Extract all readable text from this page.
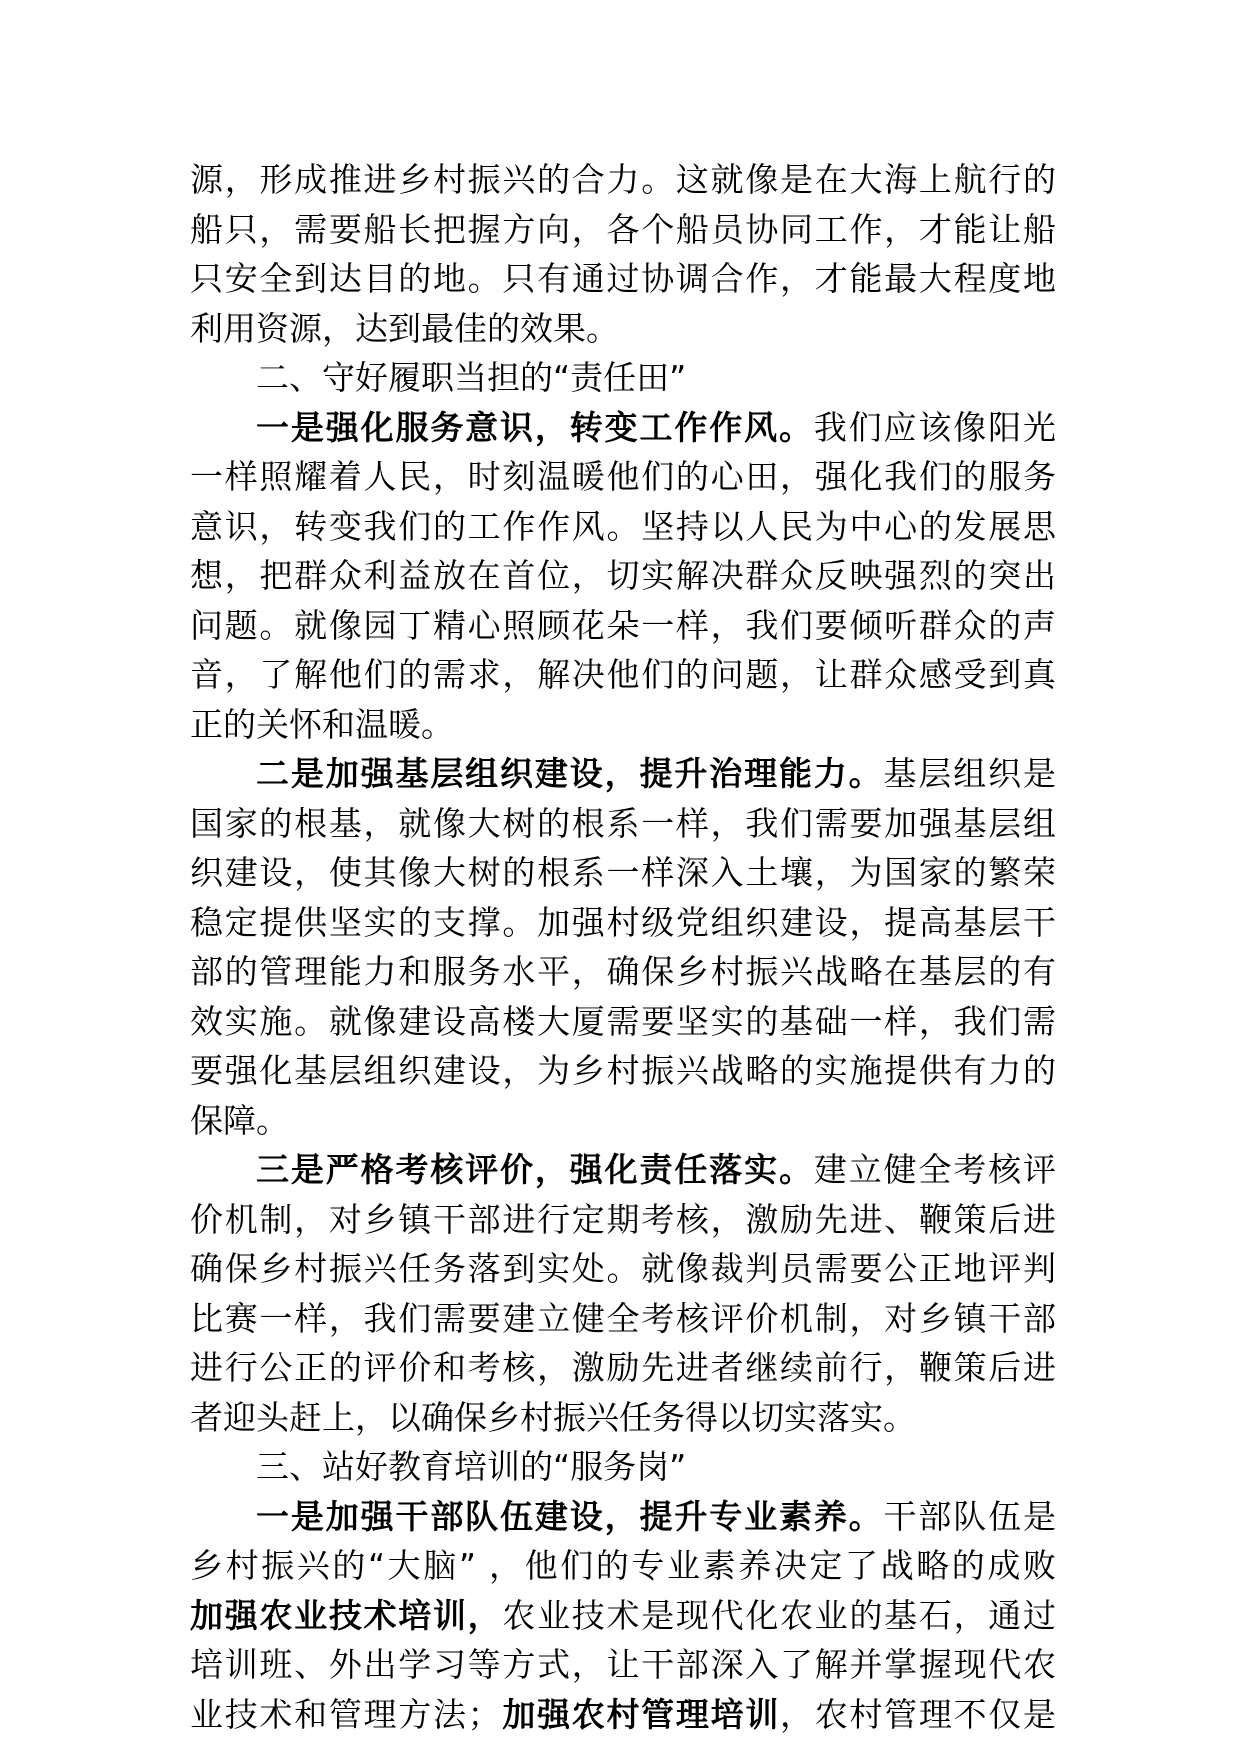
源，形成推进乡村振兴的合力。这就像是在大海上航行的
船只，需要船长把握方向，各个船员协同工作，才能让船
只安全到达目的地。只有通过协调合作，才能最大程度地
利用资源，达到最佳的效果。
二、守好履职当担的“责任田”
一是强化服务意识，转变工作作风。我们应该像阳光
一样照耀着人民，时刻温暖他们的心田，强化我们的服务
意识，转变我们的工作作风。坚持以人民为中心的发展思
想，把群众利益放在首位，切实解决群众反映强烈的突出
问题。就像园丁精心照顾花朵一样，我们要倾听群众的声
音，了解他们的需求，解决他们的问题，让群众感受到真
正的关怀和温暖。
二是加强基层组织建设，提升治理能力。基层组织是
国家的根基，就像大树的根系一样，我们需要加强基层组
织建设，使其像大树的根系一样深入土壤，为国家的繁荣
稳定提供坚实的支撑。加强村级党组织建设，提高基层干
部的管理能力和服务水平，确保乡村振兴战略在基层的有
效实施。就像建设高楼大厦需要坚实的基础一样，我们需
要强化基层组织建设，为乡村振兴战略的实施提供有力的
保障。
三是严格考核评价，强化责任落实。建立健全考核评
价机制，对乡镇干部进行定期考核，激励先进、鞭策后进
确保乡村振兴任务落到实处。就像裁判员需要公正地评判
比赛一样，我们需要建立健全考核评价机制，对乡镇干部
进行公正的评价和考核，激励先进者继续前行，鞭策后进
者迎头赶上，以确保乡村振兴任务得以切实落实。
三、站好教育培训的“服务岗”
一是加强干部队伍建设，提升专业素养。干部队伍是
乡村振兴的“大脑” ，他们的专业素养决定了战略的成败
加强农业技术培训，农业技术是现代化农业的基石，通过
培训班、外出学习等方式，让干部深入了解并掌握现代农
业技术和管理方法；加强农村管理培训，农村管理不仅是
